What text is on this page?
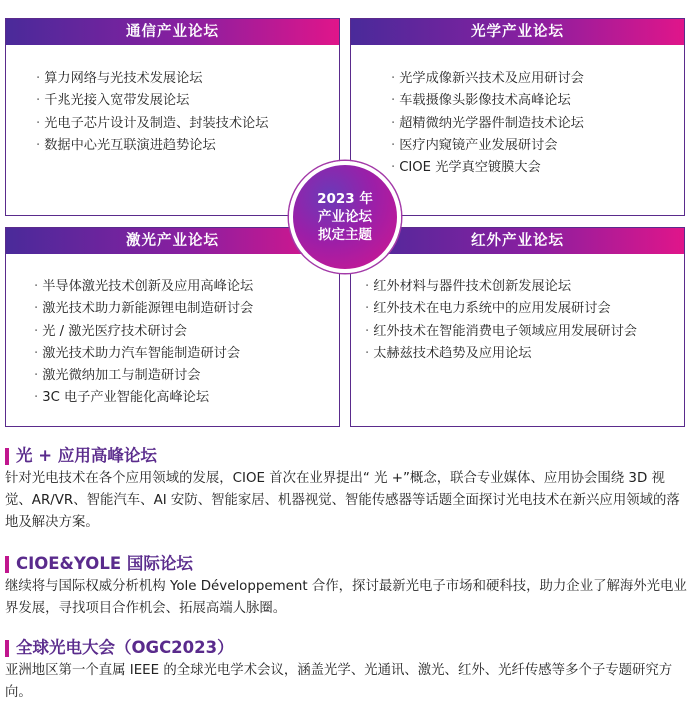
通信产业论坛
· 算力网络与光技术发展论坛
· 千兆光接入宽带发展论坛
· 光电子芯片设计及制造、封装技术论坛
· 数据中心光互联演进趋势论坛
光学产业论坛
· 光学成像新兴技术及应用研讨会
· 车载摄像头影像技术高峰论坛
· 超精微纳光学器件制造技术论坛
· 医疗内窥镜产业发展研讨会
· CIOE 光学真空镀膜大会
激光产业论坛
· 半导体激光技术创新及应用高峰论坛
· 激光技术助力新能源锂电制造研讨会
· 光 / 激光医疗技术研讨会
· 激光技术助力汽车智能制造研讨会
· 激光微纳加工与制造研讨会
· 3C 电子产业智能化高峰论坛
红外产业论坛
· 红外材料与器件技术创新发展论坛
· 红外技术在电力系统中的应用发展研讨会
· 红外技术在智能消费电子领域应用发展研讨会
· 太赫兹技术趋势及应用论坛
2023 年
产业论坛
拟定主题
光 + 应用高峰论坛

针对光电技术在各个应用领域的发展，CIOE 首次在业界提出“ 光 +”概念，联合专业媒体、应用协会围绕 3D 视觉、AR/VR、智能汽车、AI 安防、智能家居、机器视觉、智能传感器等话题全面探讨光电技术在新兴应用领域的落地及解决方案。

CIOE&YOLE 国际论坛

继续将与国际权威分析机构 Yole Développement 合作，探讨最新光电子市场和硬科技，助力企业了解海外光电业界发展，寻找项目合作机会、拓展高端人脉圈。

全球光电大会（OGC2023）

亚洲地区第一个直属 IEEE 的全球光电学术会议，涵盖光学、光通讯、激光、红外、光纤传感等多个子专题研究方向。
